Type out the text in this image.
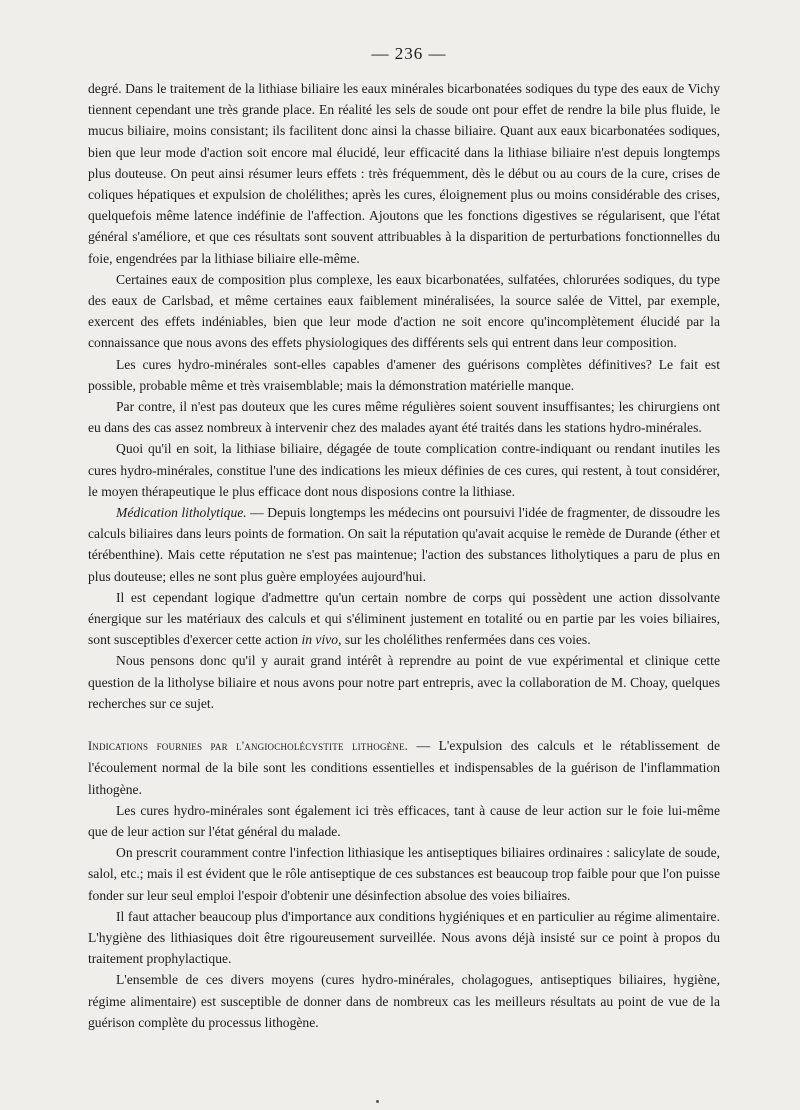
— 236 —

degré. Dans le traitement de la lithiase biliaire les eaux minérales bicarbonatées sodiques du type des eaux de Vichy tiennent cependant une très grande place. En réalité les sels de soude ont pour effet de rendre la bile plus fluide, le mucus biliaire, moins consistant; ils facilitent donc ainsi la chasse biliaire. Quant aux eaux bicarbonatées sodiques, bien que leur mode d'action soit encore mal élucidé, leur efficacité dans la lithiase biliaire n'est depuis longtemps plus douteuse. On peut ainsi résumer leurs effets : très fréquemment, dès le début ou au cours de la cure, crises de coliques hépatiques et expulsion de cholélithes; après les cures, éloignement plus ou moins considérable des crises, quelquefois même latence indéfinie de l'affection. Ajoutons que les fonctions digestives se régularisent, que l'état général s'améliore, et que ces résultats sont souvent attribuables à la disparition de perturbations fonctionnelles du foie, engendrées par la lithiase biliaire elle-même.

Certaines eaux de composition plus complexe, les eaux bicarbonatées, sulfatées, chlorurées sodiques, du type des eaux de Carlsbad, et même certaines eaux faiblement minéralisées, la source salée de Vittel, par exemple, exercent des effets indéniables, bien que leur mode d'action ne soit encore qu'incomplètement élucidé par la connaissance que nous avons des effets physiologiques des différents sels qui entrent dans leur composition.

Les cures hydro-minérales sont-elles capables d'amener des guérisons complètes définitives? Le fait est possible, probable même et très vraisemblable; mais la démonstration matérielle manque.

Par contre, il n'est pas douteux que les cures même régulières soient souvent insuffisantes; les chirurgiens ont eu dans des cas assez nombreux à intervenir chez des malades ayant été traités dans les stations hydro-minérales.

Quoi qu'il en soit, la lithiase biliaire, dégagée de toute complication contre-indiquant ou rendant inutiles les cures hydro-minérales, constitue l'une des indications les mieux définies de ces cures, qui restent, à tout considérer, le moyen thérapeutique le plus efficace dont nous disposions contre la lithiase.

Médication litholytique. — Depuis longtemps les médecins ont poursuivi l'idée de fragmenter, de dissoudre les calculs biliaires dans leurs points de formation. On sait la réputation qu'avait acquise le remède de Durande (éther et térébenthine). Mais cette réputation ne s'est pas maintenue; l'action des substances litholytiques a paru de plus en plus douteuse; elles ne sont plus guère employées aujourd'hui.

Il est cependant logique d'admettre qu'un certain nombre de corps qui possèdent une action dissolvante énergique sur les matériaux des calculs et qui s'éliminent justement en totalité ou en partie par les voies biliaires, sont susceptibles d'exercer cette action in vivo, sur les cholélithes renfermées dans ces voies.

Nous pensons donc qu'il y aurait grand intérêt à reprendre au point de vue expérimental et clinique cette question de la litholyse biliaire et nous avons pour notre part entrepris, avec la collaboration de M. Choay, quelques recherches sur ce sujet.

Indications fournies par l'angiocholécystite lithogène. — L'expulsion des calculs et le rétablissement de l'écoulement normal de la bile sont les conditions essentielles et indispensables de la guérison de l'inflammation lithogène.

Les cures hydro-minérales sont également ici très efficaces, tant à cause de leur action sur le foie lui-même que de leur action sur l'état général du malade.

On prescrit couramment contre l'infection lithiasique les antiseptiques biliaires ordinaires : salicylate de soude, salol, etc.; mais il est évident que le rôle antiseptique de ces substances est beaucoup trop faible pour que l'on puisse fonder sur leur seul emploi l'espoir d'obtenir une désinfection absolue des voies biliaires.

Il faut attacher beaucoup plus d'importance aux conditions hygiéniques et en particulier au régime alimentaire. L'hygiène des lithiasiques doit être rigoureusement surveillée. Nous avons déjà insisté sur ce point à propos du traitement prophylactique.

L'ensemble de ces divers moyens (cures hydro-minérales, cholagogues, antiseptiques biliaires, hygiène, régime alimentaire) est susceptible de donner dans de nombreux cas les meilleurs résultats au point de vue de la guérison complète du processus lithogène.
